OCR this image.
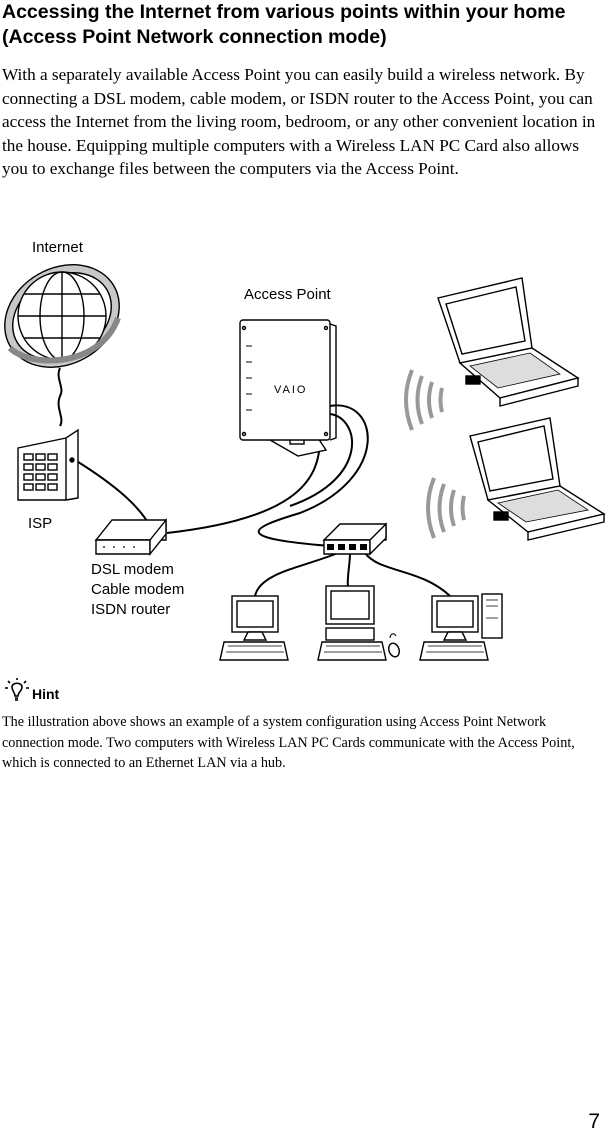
Accessing the Internet from various points within your home (Access Point Network connection mode)
With a separately available Access Point you can easily build a wireless network. By connecting a DSL modem, cable modem, or ISDN router to the Access Point, you can access the Internet from the living room, bedroom, or any other convenient location in the house. Equipping multiple computers with a Wireless LAN PC Card also allows you to exchange files between the computers via the Access Point.
Internet
ISP
DSL modem
Cable modem
ISDN router
VAIO
Access Point
Hint
The illustration above shows an example of a system configuration using Access Point Network connection mode. Two computers with Wireless LAN PC Cards communicate with the Access Point, which is connected to an Ethernet LAN via a hub.
7
